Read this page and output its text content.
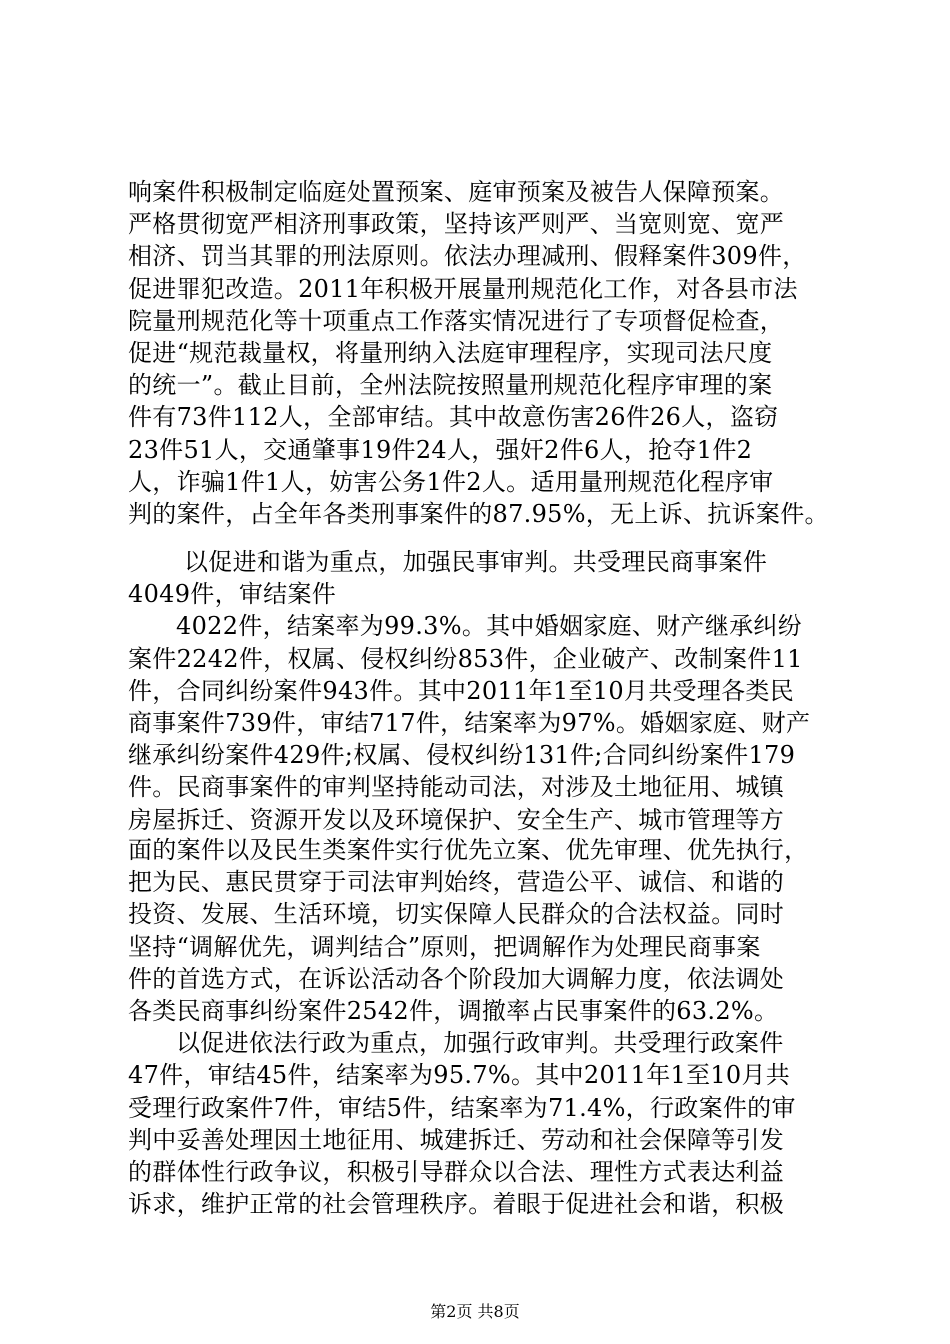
响案件积极制定临庭处置预案、庭审预案及被告人保障预案。
严格贯彻宽严相济刑事政策，坚持该严则严、当宽则宽、宽严
相济、罚当其罪的刑法原则。依法办理减刑、假释案件309件，
促进罪犯改造。2011年积极开展量刑规范化工作，对各县市法
院量刑规范化等十项重点工作落实情况进行了专项督促检查，
促进“规范裁量权，将量刑纳入法庭审理程序，实现司法尺度
的统一”。截止目前，全州法院按照量刑规范化程序审理的案
件有73件112人，全部审结。其中故意伤害26件26人，盗窃
23件51人，交通肇事19件24人，强奸2件6人，抢夺1件2
人，诈骗1件1人，妨害公务1件2人。适用量刑规范化程序审
判的案件，占全年各类刑事案件的87.95%，无上诉、抗诉案件。
以促进和谐为重点，加强民事审判。共受理民商事案件
4049件，审结案件
4022件，结案率为99.3%。其中婚姻家庭、财产继承纠纷
案件2242件，权属、侵权纠纷853件，企业破产、改制案件11
件，合同纠纷案件943件。其中2011年1至10月共受理各类民
商事案件739件，审结717件，结案率为97%。婚姻家庭、财产
继承纠纷案件429件;权属、侵权纠纷131件;合同纠纷案件179
件。民商事案件的审判坚持能动司法，对涉及土地征用、城镇
房屋拆迁、资源开发以及环境保护、安全生产、城市管理等方
面的案件以及民生类案件实行优先立案、优先审理、优先执行，
把为民、惠民贯穿于司法审判始终，营造公平、诚信、和谐的
投资、发展、生活环境，切实保障人民群众的合法权益。同时
坚持“调解优先，调判结合”原则，把调解作为处理民商事案
件的首选方式，在诉讼活动各个阶段加大调解力度，依法调处
各类民商事纠纷案件2542件，调撤率占民事案件的63.2%。
以促进依法行政为重点，加强行政审判。共受理行政案件
47件，审结45件，结案率为95.7%。其中2011年1至10月共
受理行政案件7件，审结5件，结案率为71.4%，行政案件的审
判中妥善处理因土地征用、城建拆迁、劳动和社会保障等引发
的群体性行政争议，积极引导群众以合法、理性方式表达利益
诉求，维护正常的社会管理秩序。着眼于促进社会和谐，积极
第2页 共8页
